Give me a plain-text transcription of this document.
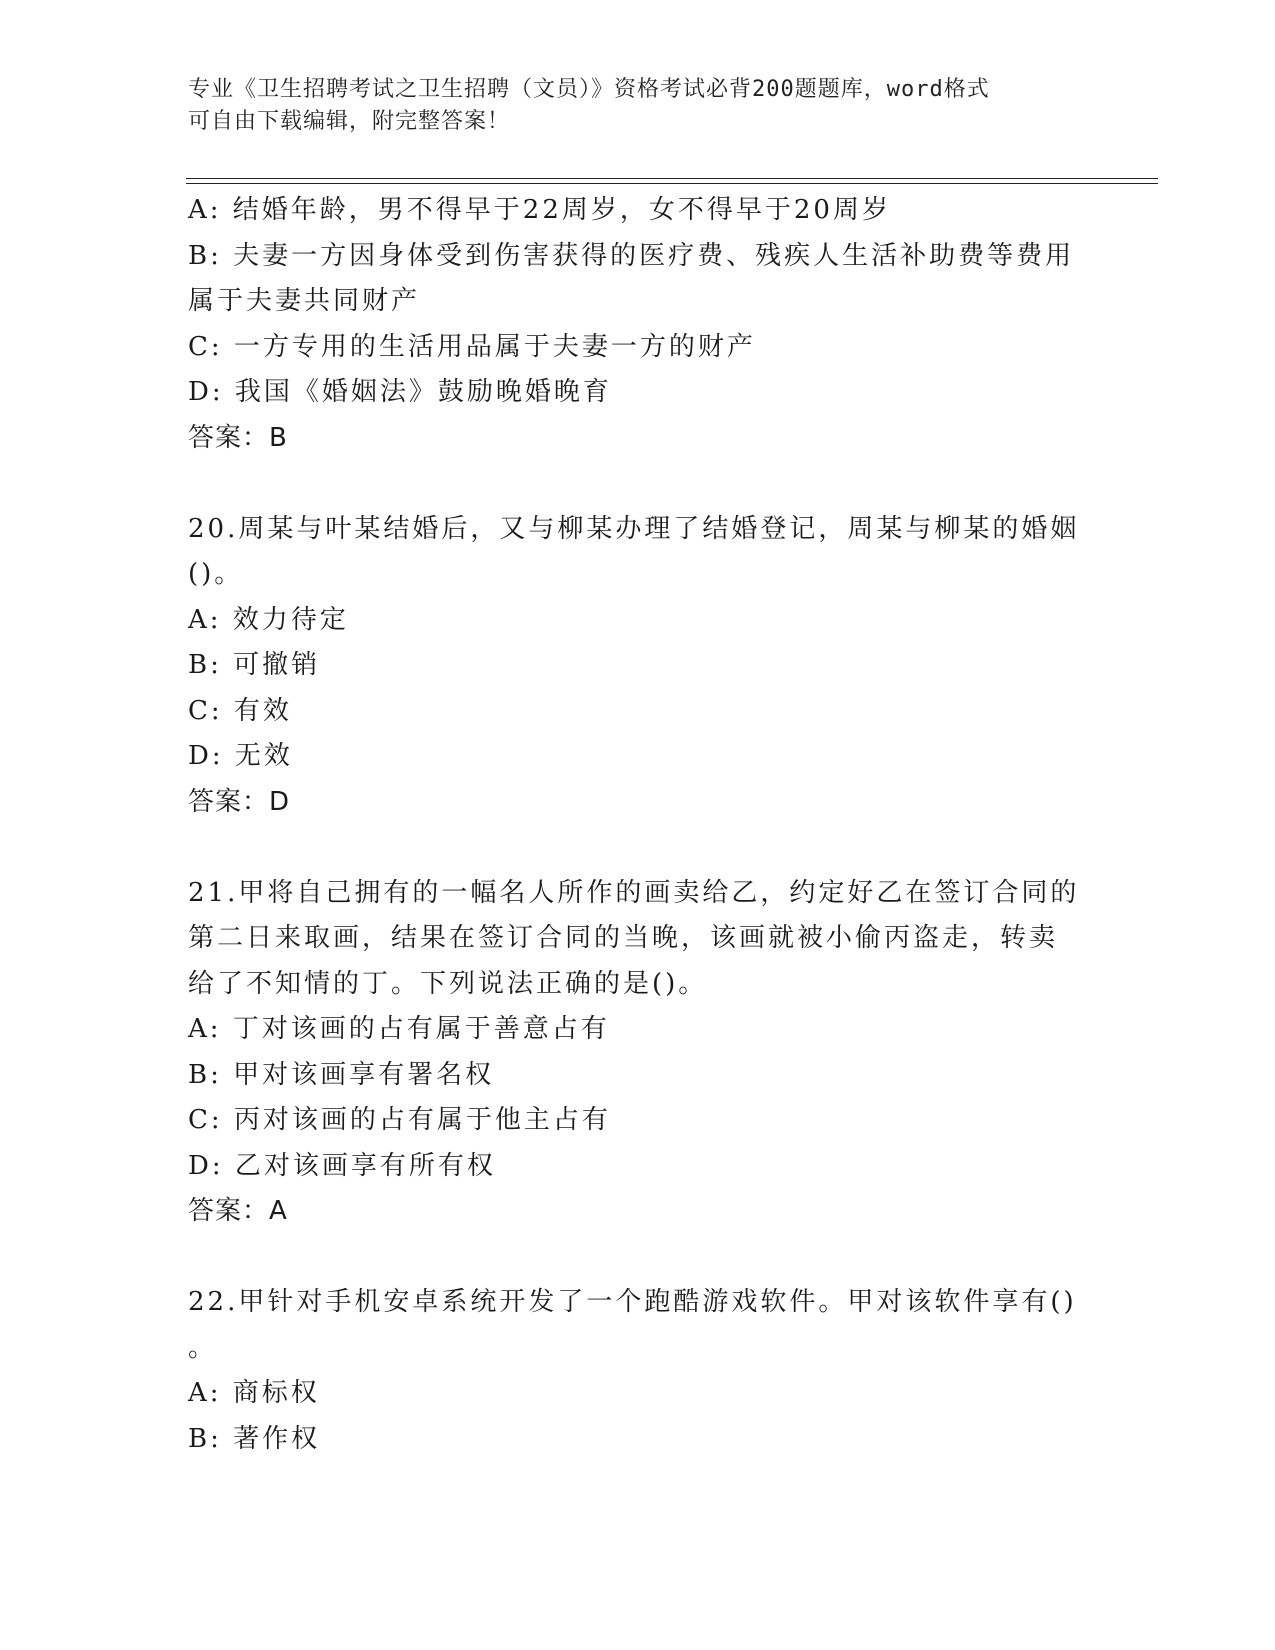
专业《卫生招聘考试之卫生招聘（文员）》资格考试必背200题题库，word格式
可自由下载编辑，附完整答案！
A: 结婚年龄，男不得早于22周岁，女不得早于20周岁
B: 夫妻一方因身体受到伤害获得的医疗费、残疾人生活补助费等费用
属于夫妻共同财产
C: 一方专用的生活用品属于夫妻一方的财产
D: 我国《婚姻法》鼓励晚婚晚育
答案：B
20.周某与叶某结婚后，又与柳某办理了结婚登记，周某与柳某的婚姻
()。
A: 效力待定
B: 可撤销
C: 有效
D: 无效
答案：D
21.甲将自己拥有的一幅名人所作的画卖给乙，约定好乙在签订合同的
第二日来取画，结果在签订合同的当晚，该画就被小偷丙盗走，转卖
给了不知情的丁。下列说法正确的是()。
A: 丁对该画的占有属于善意占有
B: 甲对该画享有署名权
C: 丙对该画的占有属于他主占有
D: 乙对该画享有所有权
答案：A
22.甲针对手机安卓系统开发了一个跑酷游戏软件。甲对该软件享有()
。
A: 商标权
B: 著作权
